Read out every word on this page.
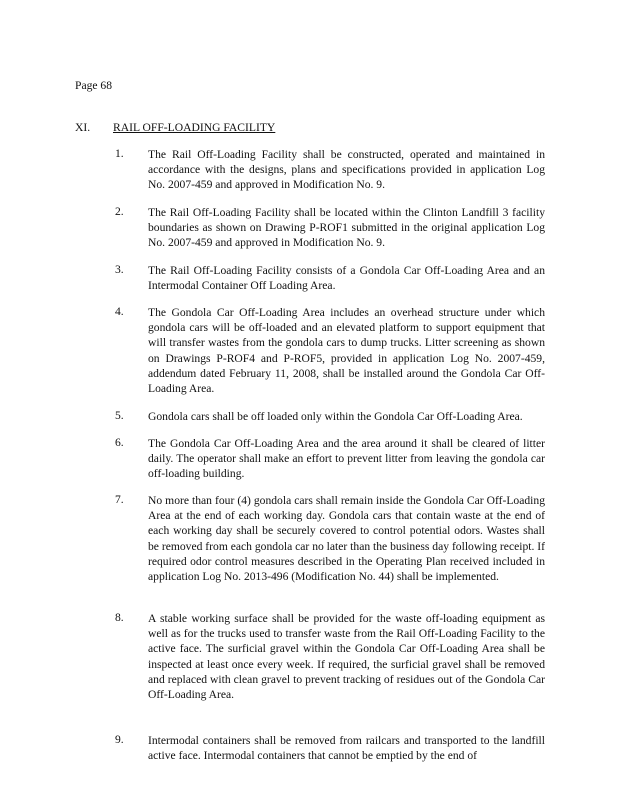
Page 68
XI. RAIL OFF-LOADING FACILITY
1. The Rail Off-Loading Facility shall be constructed, operated and maintained in accordance with the designs, plans and specifications provided in application Log No. 2007-459 and approved in Modification No. 9.
2. The Rail Off-Loading Facility shall be located within the Clinton Landfill 3 facility boundaries as shown on Drawing P-ROF1 submitted in the original application Log No. 2007-459 and approved in Modification No. 9.
3. The Rail Off-Loading Facility consists of a Gondola Car Off-Loading Area and an Intermodal Container Off Loading Area.
4. The Gondola Car Off-Loading Area includes an overhead structure under which gondola cars will be off-loaded and an elevated platform to support equipment that will transfer wastes from the gondola cars to dump trucks. Litter screening as shown on Drawings P-ROF4 and P-ROF5, provided in application Log No. 2007-459, addendum dated February 11, 2008, shall be installed around the Gondola Car Off-Loading Area.
5. Gondola cars shall be off loaded only within the Gondola Car Off-Loading Area.
6. The Gondola Car Off-Loading Area and the area around it shall be cleared of litter daily. The operator shall make an effort to prevent litter from leaving the gondola car off-loading building.
7. No more than four (4) gondola cars shall remain inside the Gondola Car Off-Loading Area at the end of each working day. Gondola cars that contain waste at the end of each working day shall be securely covered to control potential odors. Wastes shall be removed from each gondola car no later than the business day following receipt. If required odor control measures described in the Operating Plan received included in application Log No. 2013-496 (Modification No. 44) shall be implemented.
8. A stable working surface shall be provided for the waste off-loading equipment as well as for the trucks used to transfer waste from the Rail Off-Loading Facility to the active face. The surficial gravel within the Gondola Car Off-Loading Area shall be inspected at least once every week. If required, the surficial gravel shall be removed and replaced with clean gravel to prevent tracking of residues out of the Gondola Car Off-Loading Area.
9. Intermodal containers shall be removed from railcars and transported to the landfill active face. Intermodal containers that cannot be emptied by the end of
